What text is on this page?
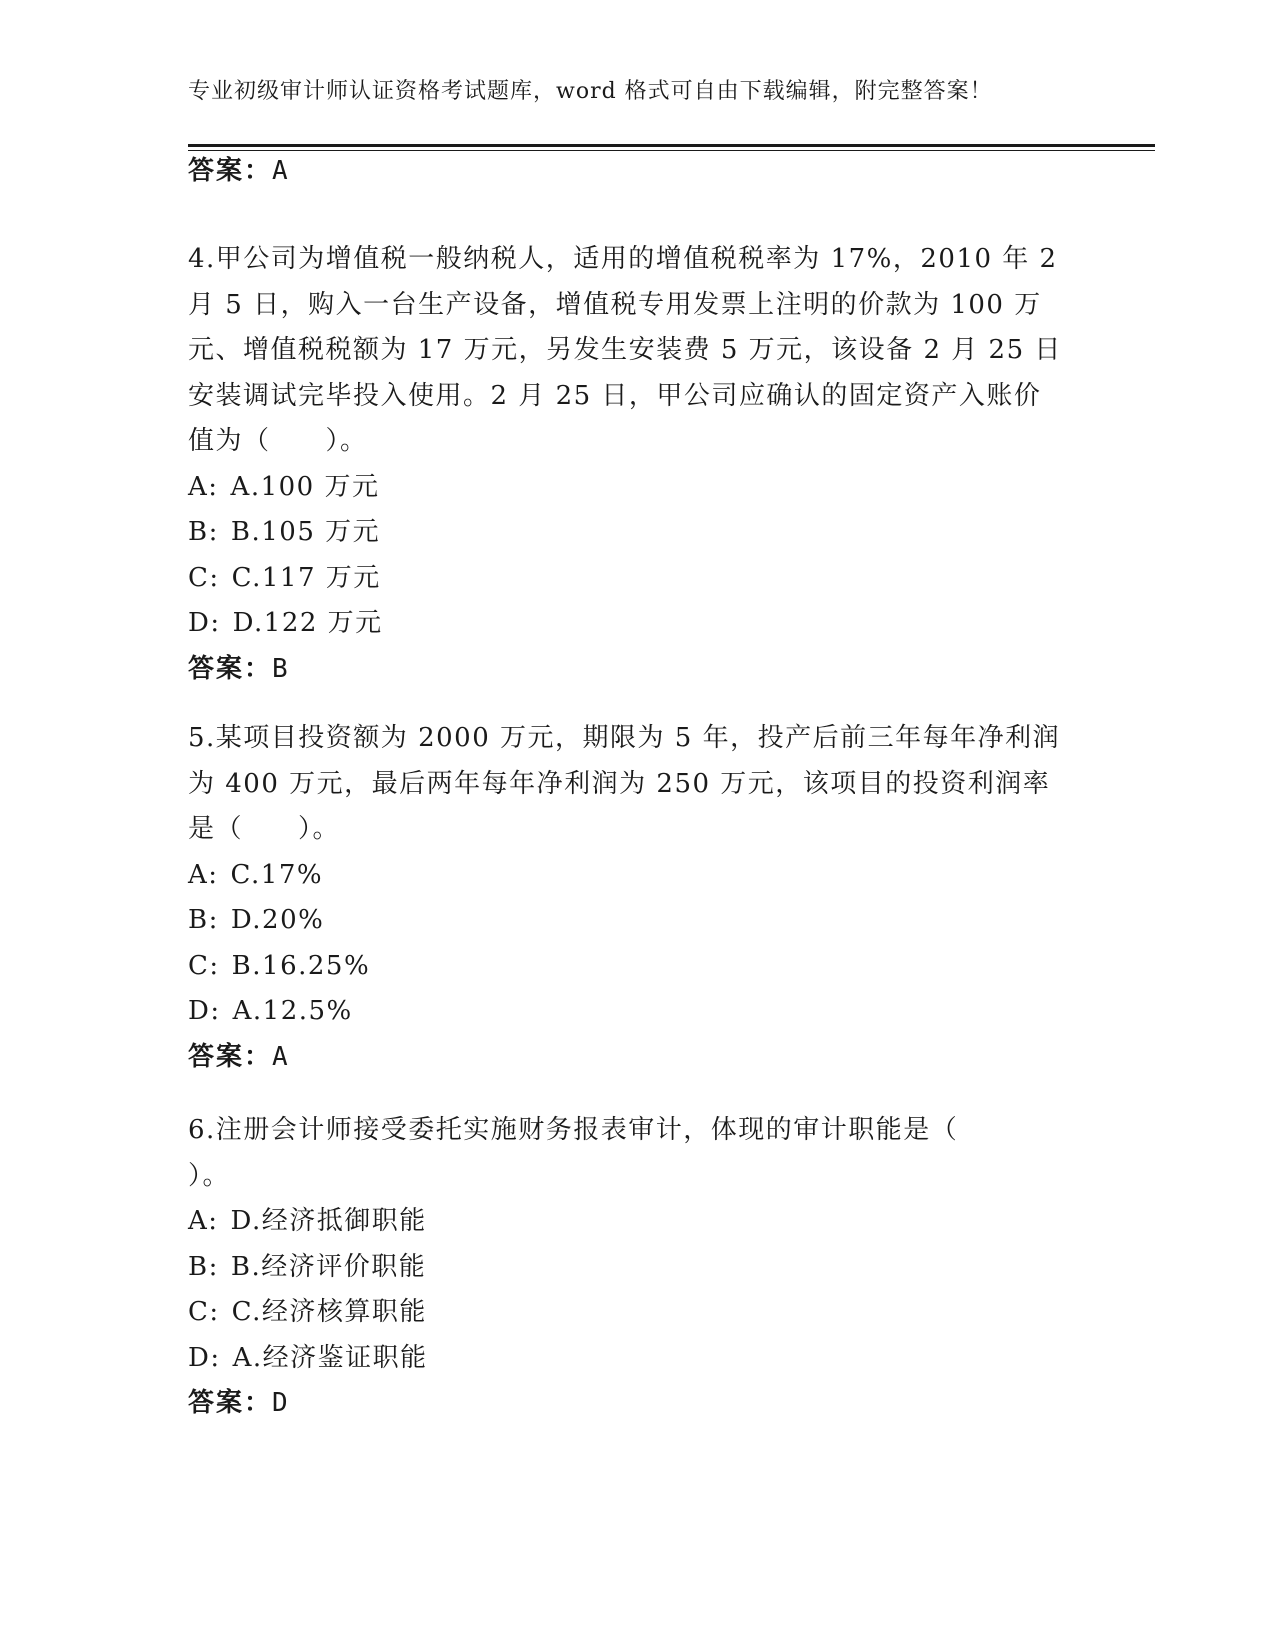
专业初级审计师认证资格考试题库，word 格式可自由下载编辑，附完整答案！
答案：A
4.甲公司为增值税一般纳税人，适用的增值税税率为 17%，2010 年 2
月 5 日，购入一台生产设备，增值税专用发票上注明的价款为 100 万
元、增值税税额为 17 万元，另发生安装费 5 万元，该设备 2 月 25 日
安装调试完毕投入使用。2 月 25 日，甲公司应确认的固定资产入账价
值为（　　）。
A: A.100 万元
B: B.105 万元
C: C.117 万元
D: D.122 万元
答案：B
5.某项目投资额为 2000 万元，期限为 5 年，投产后前三年每年净利润
为 400 万元，最后两年每年净利润为 250 万元，该项目的投资利润率
是（　　）。
A: C.17%
B: D.20%
C: B.16.25%
D: A.12.5%
答案：A
6.注册会计师接受委托实施财务报表审计，体现的审计职能是（
）。
A: D.经济抵御职能
B: B.经济评价职能
C: C.经济核算职能
D: A.经济鉴证职能
答案：D
